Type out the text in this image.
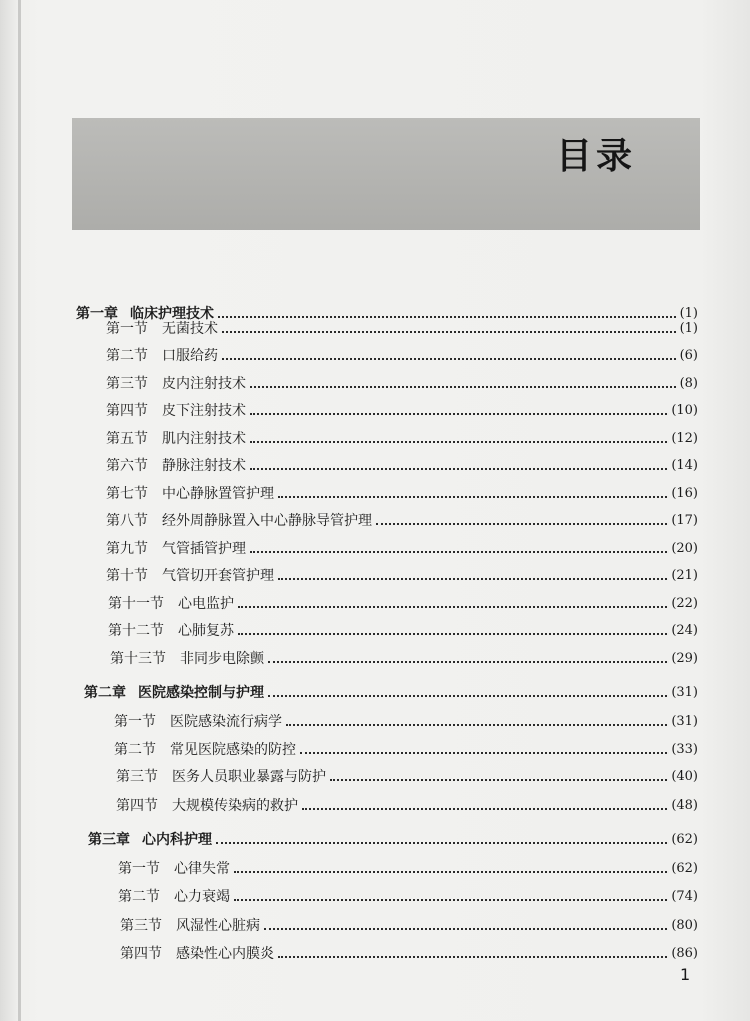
目录
第一章 临床护理技术	(1)
第一节 无菌技术	(1)
第二节 口服给药	(6)
第三节 皮内注射技术	(8)
第四节 皮下注射技术	(10)
第五节 肌内注射技术	(12)
第六节 静脉注射技术	(14)
第七节 中心静脉置管护理	(16)
第八节 经外周静脉置入中心静脉导管护理	(17)
第九节 气管插管护理	(20)
第十节 气管切开套管护理	(21)
第十一节 心电监护	(22)
第十二节 心肺复苏	(24)
第十三节 非同步电除颤	(29)
第二章 医院感染控制与护理	(31)
第一节 医院感染流行病学	(31)
第二节 常见医院感染的防控	(33)
第三节 医务人员职业暴露与防护	(40)
第四节 大规模传染病的救护	(48)
第三章 心内科护理	(62)
第一节 心律失常	(62)
第二节 心力衰竭	(74)
第三节 风湿性心脏病	(80)
第四节 感染性心内膜炎	(86)
1
